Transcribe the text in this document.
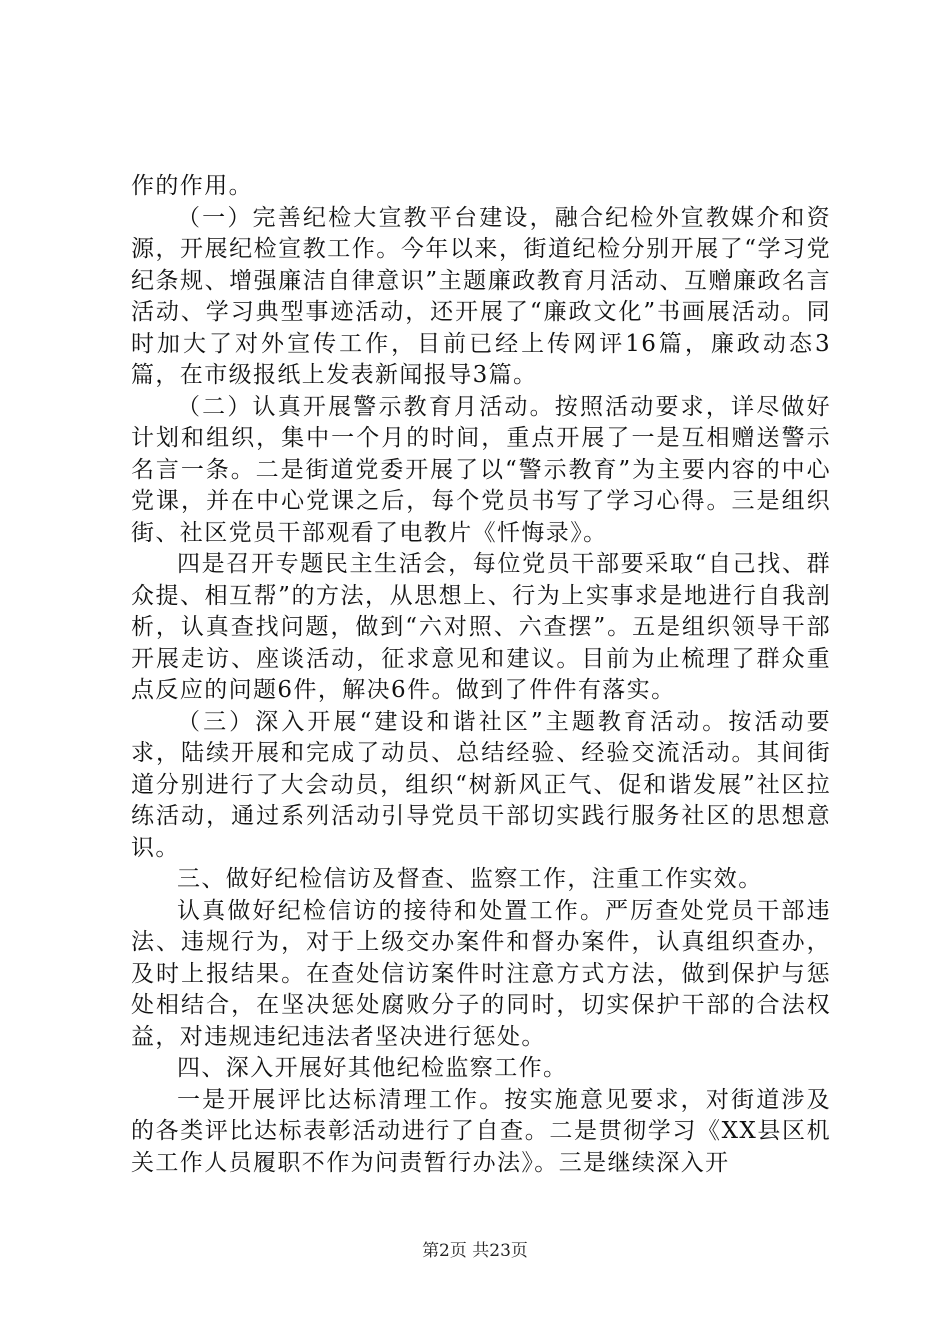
作的作用。

（一）完善纪检大宣教平台建设，融合纪检外宣教媒介和资源，开展纪检宣教工作。今年以来，街道纪检分别开展了“学习党纪条规、增强廉洁自律意识”主题廉政教育月活动、互赠廉政名言活动、学习典型事迹活动，还开展了“廉政文化”书画展活动。同时加大了对外宣传工作，目前已经上传网评16篇，廉政动态3篇，在市级报纸上发表新闻报导3篇。

（二）认真开展警示教育月活动。按照活动要求，详尽做好计划和组织，集中一个月的时间，重点开展了一是互相赠送警示名言一条。二是街道党委开展了以“警示教育”为主要内容的中心党课，并在中心党课之后，每个党员书写了学习心得。三是组织街、社区党员干部观看了电教片《忏悔录》。

四是召开专题民主生活会，每位党员干部要采取“自己找、群众提、相互帮”的方法，从思想上、行为上实事求是地进行自我剖析，认真查找问题，做到“六对照、六查摆”。五是组织领导干部开展走访、座谈活动，征求意见和建议。目前为止梳理了群众重点反应的问题6件，解决6件。做到了件件有落实。

（三）深入开展“建设和谐社区”主题教育活动。按活动要求，陆续开展和完成了动员、总结经验、经验交流活动。其间街道分别进行了大会动员，组织“树新风正气、促和谐发展”社区拉练活动，通过系列活动引导党员干部切实践行服务社区的思想意识。

三、做好纪检信访及督查、监察工作，注重工作实效。

认真做好纪检信访的接待和处置工作。严厉查处党员干部违法、违规行为，对于上级交办案件和督办案件，认真组织查办，及时上报结果。在查处信访案件时注意方式方法，做到保护与惩处相结合，在坚决惩处腐败分子的同时，切实保护干部的合法权益，对违规违纪违法者坚决进行惩处。

四、深入开展好其他纪检监察工作。

一是开展评比达标清理工作。按实施意见要求，对街道涉及的各类评比达标表彰活动进行了自查。二是贯彻学习《XX县区机关工作人员履职不作为问责暂行办法》。三是继续深入开

第2页 共23页
